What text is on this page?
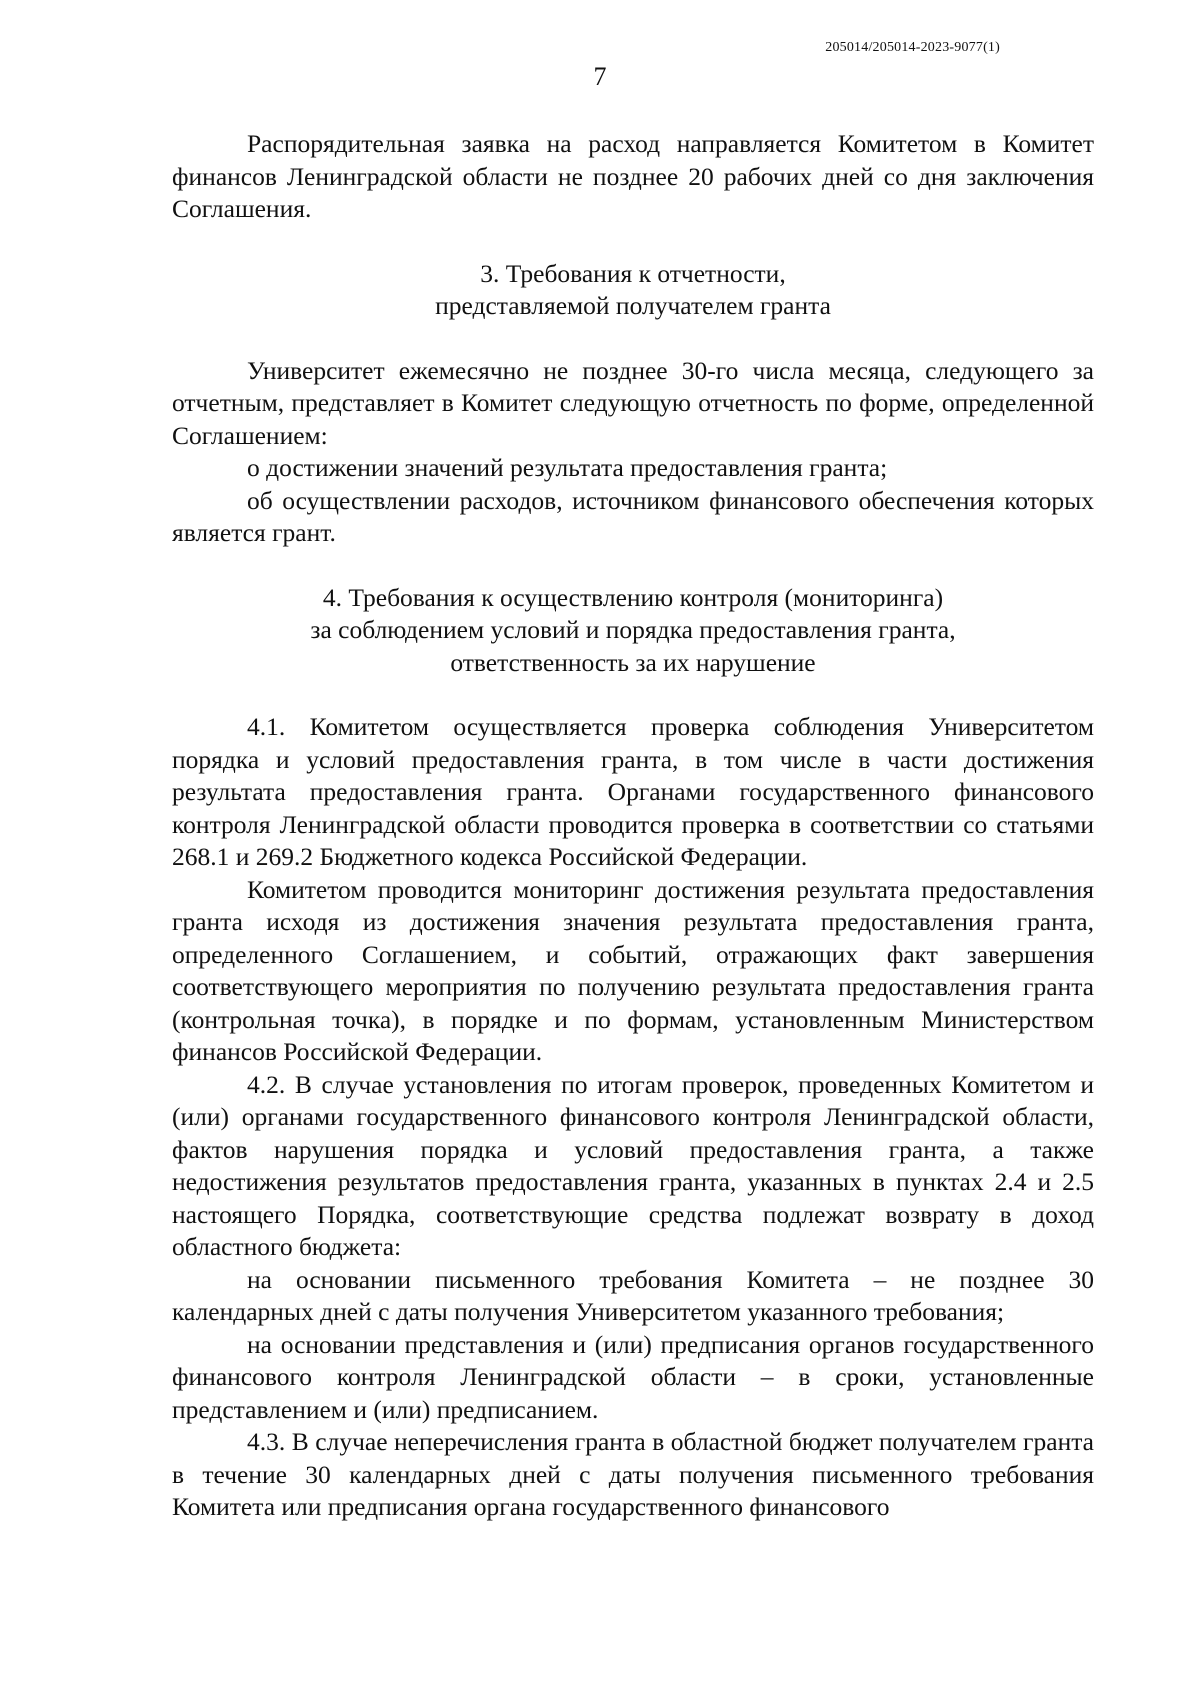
205014/205014-2023-9077(1)
7

Распорядительная заявка на расход направляется Комитетом в Комитет финансов Ленинградской области не позднее 20 рабочих дней со дня заключения Соглашения.

3. Требования к отчетности,
представляемой получателем гранта

Университет ежемесячно не позднее 30-го числа месяца, следующего за отчетным, представляет в Комитет следующую отчетность по форме, определенной Соглашением:

о достижении значений результата предоставления гранта;

об осуществлении расходов, источником финансового обеспечения которых является грант.

4. Требования к осуществлению контроля (мониторинга)
за соблюдением условий и порядка предоставления гранта,
ответственность за их нарушение

4.1. Комитетом осуществляется проверка соблюдения Университетом порядка и условий предоставления гранта, в том числе в части достижения результата предоставления гранта. Органами государственного финансового контроля Ленинградской области проводится проверка в соответствии со статьями 268.1 и 269.2 Бюджетного кодекса Российской Федерации.

Комитетом проводится мониторинг достижения результата предоставления гранта исходя из достижения значения результата предоставления гранта, определенного Соглашением, и событий, отражающих факт завершения соответствующего мероприятия по получению результата предоставления гранта (контрольная точка), в порядке и по формам, установленным Министерством финансов Российской Федерации.

4.2. В случае установления по итогам проверок, проведенных Комитетом и (или) органами государственного финансового контроля Ленинградской области, фактов нарушения порядка и условий предоставления гранта, а также недостижения результатов предоставления гранта, указанных в пунктах 2.4 и 2.5 настоящего Порядка, соответствующие средства подлежат возврату в доход областного бюджета:

на основании письменного требования Комитета – не позднее 30 календарных дней с даты получения Университетом указанного требования;

на основании представления и (или) предписания органов государственного финансового контроля Ленинградской области – в сроки, установленные представлением и (или) предписанием.

4.3. В случае неперечисления гранта в областной бюджет получателем гранта в течение 30 календарных дней с даты получения письменного требования Комитета или предписания органа государственного финансового
